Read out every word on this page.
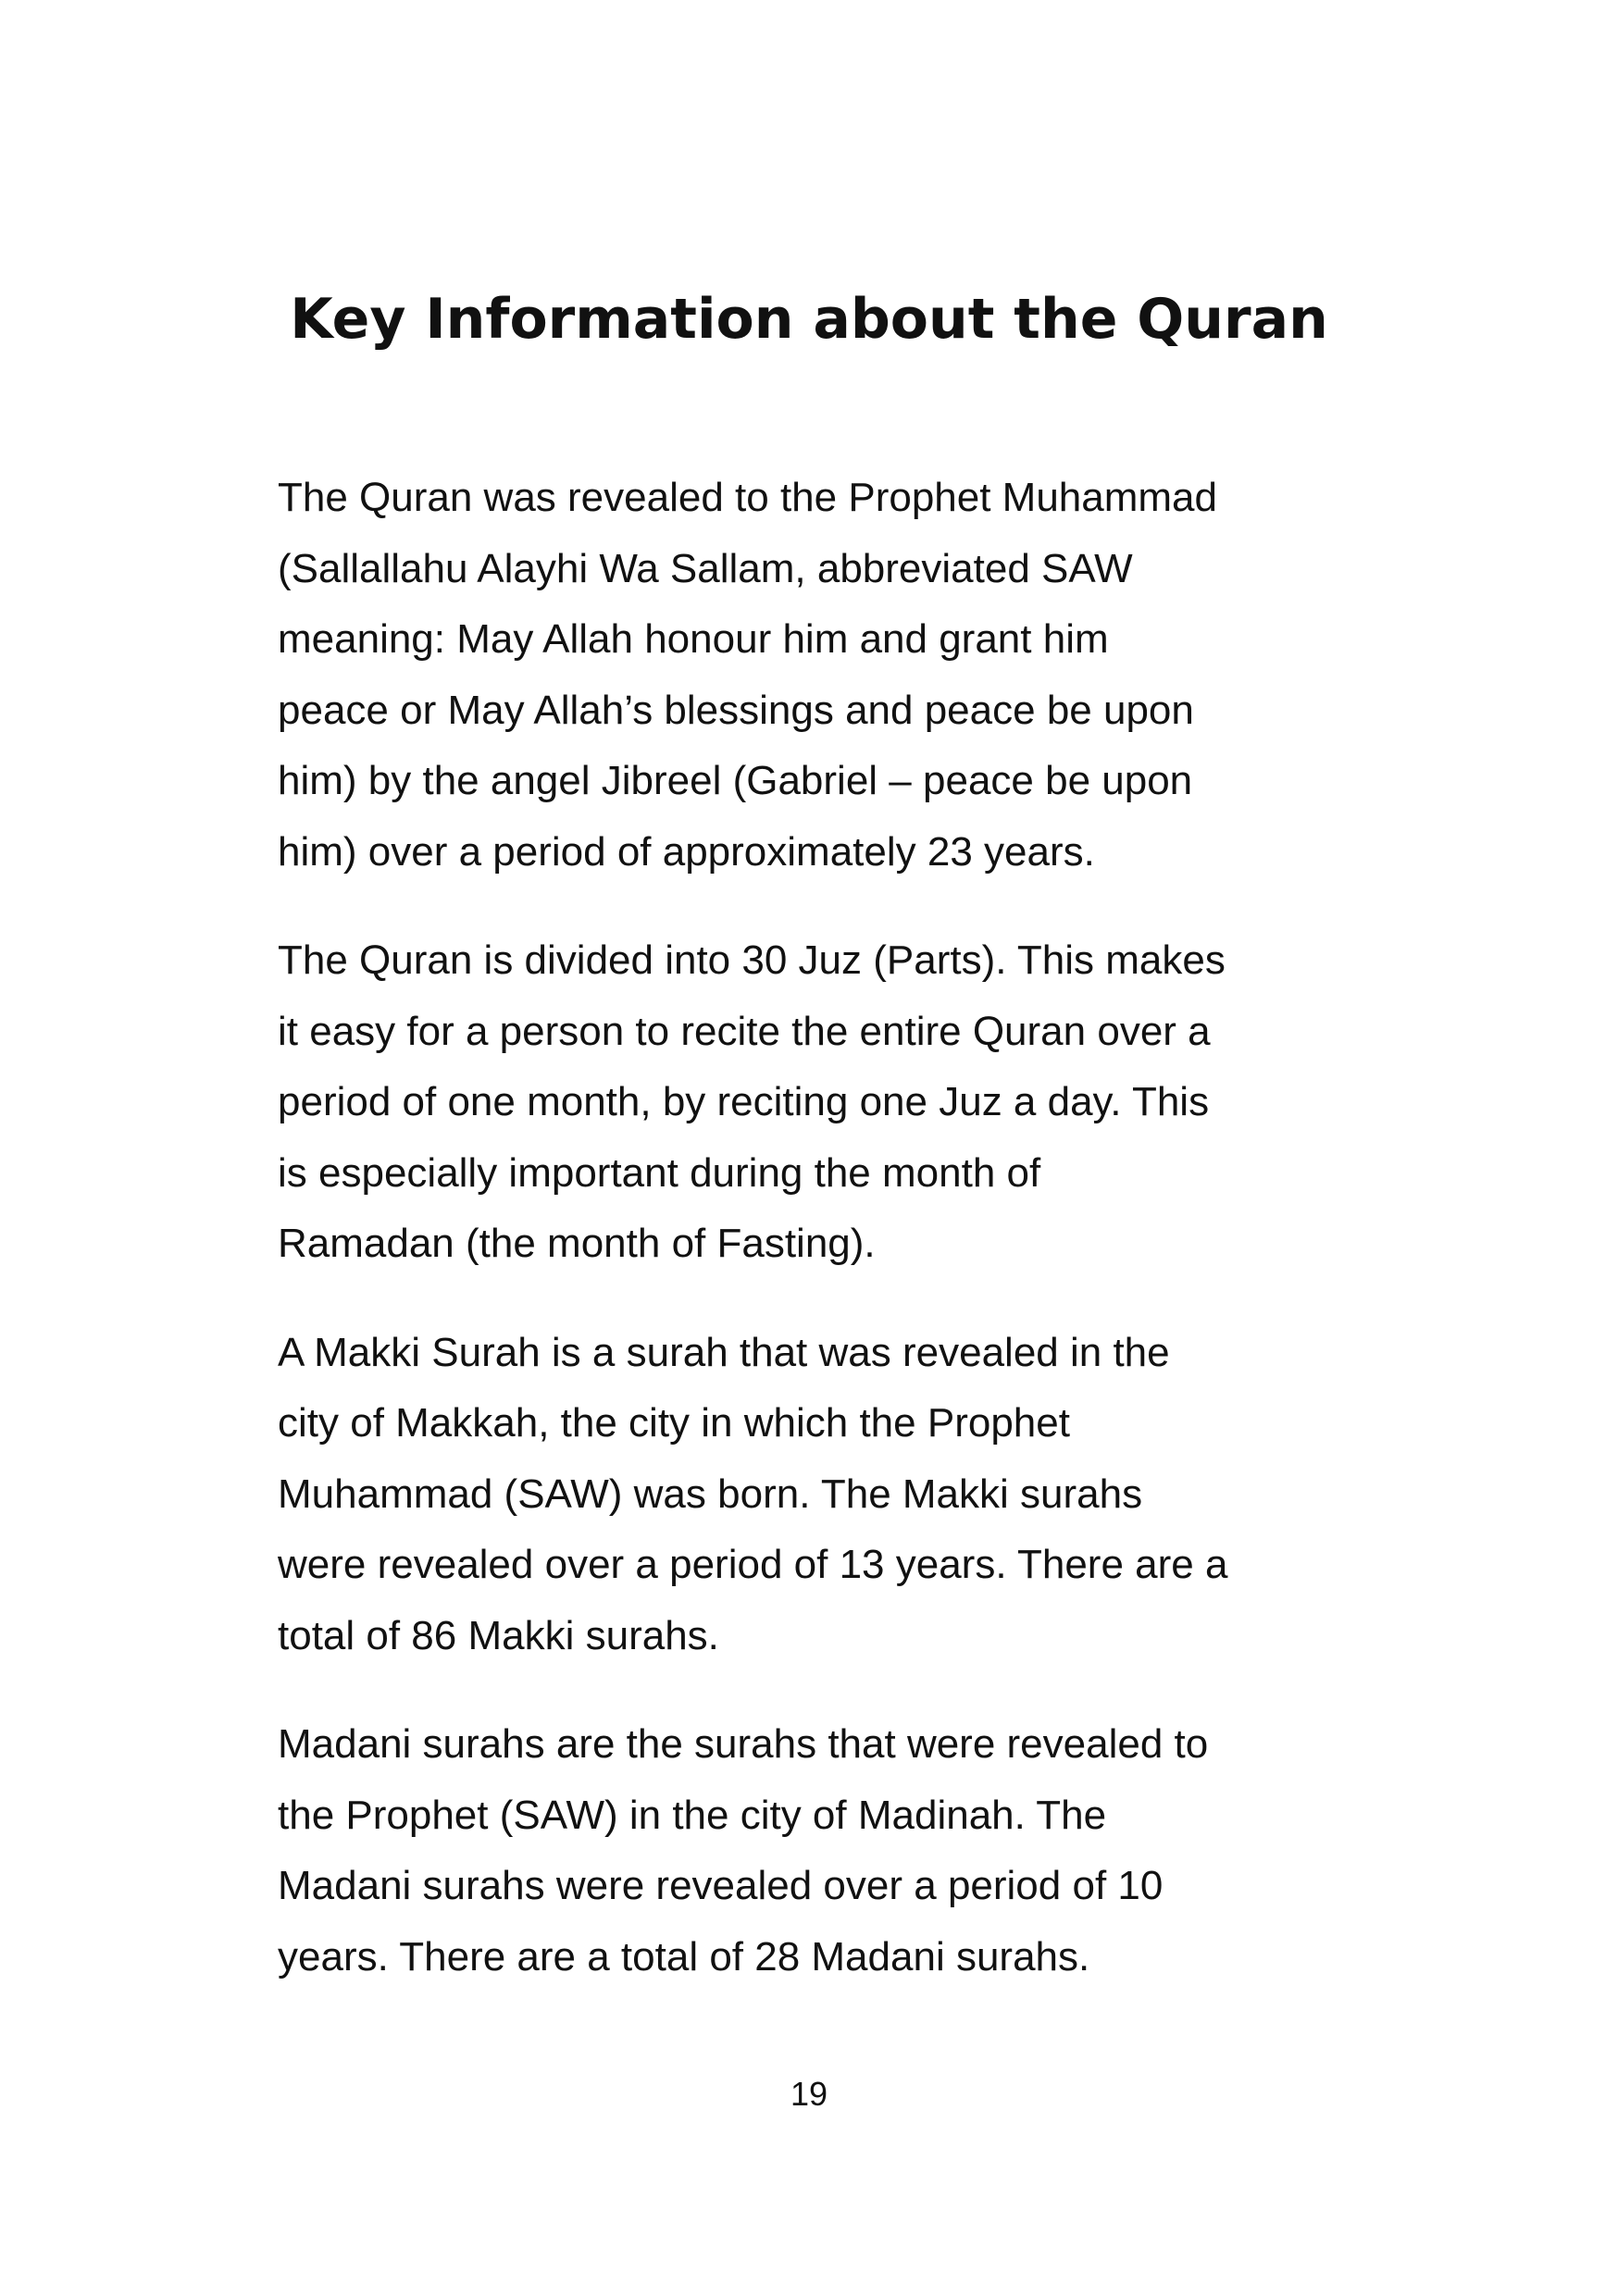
Key Information about the Quran

The Quran was revealed to the Prophet Muhammad
(Sallallahu Alayhi Wa Sallam, abbreviated SAW
meaning: May Allah honour him and grant him
peace or May Allah’s blessings and peace be upon
him) by the angel Jibreel (Gabriel – peace be upon
him) over a period of approximately 23 years.

The Quran is divided into 30 Juz (Parts). This makes
it easy for a person to recite the entire Quran over a
period of one month, by reciting one Juz a day. This
is especially important during the month of
Ramadan (the month of Fasting).

A Makki Surah is a surah that was revealed in the
city of Makkah, the city in which the Prophet
Muhammad (SAW) was born. The Makki surahs
were revealed over a period of 13 years. There are a
total of 86 Makki surahs.

Madani surahs are the surahs that were revealed to
the Prophet (SAW) in the city of Madinah. The
Madani surahs were revealed over a period of 10
years. There are a total of 28 Madani surahs.

19
